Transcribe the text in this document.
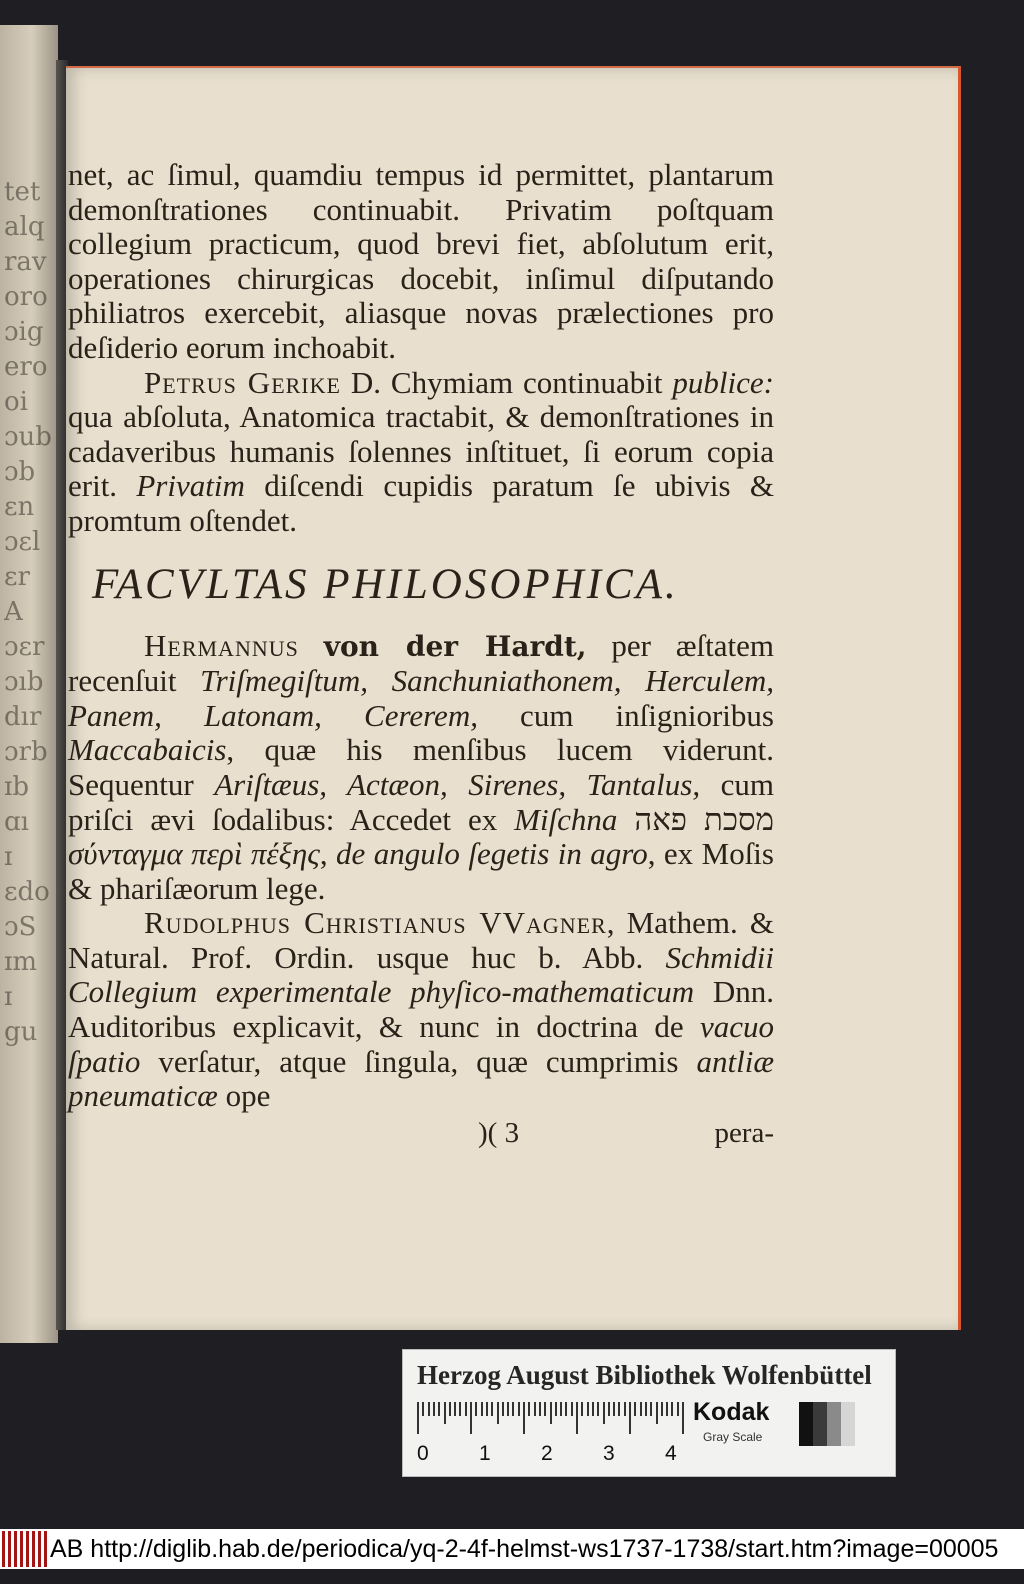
tet
alq
rav
oro
ɔig
ero
oi
ɔub
ɔb
ɛn
ɔɛl
ɛr
A
ɔɛr
ɔıb
dır
ɔrb
ɪb
ɑı
ɪ
ɛdo
ɔS
ɪm
ɪ
gu

net, ac ſimul, quamdiu tempus id permittet, plantarum demonſtrationes continuabit. Privatim poſtquam collegium practicum, quod brevi fiet, abſolutum erit, operationes chirurgicas docebit, inſimul diſputando philiatros exercebit, aliasque novas prælectiones pro deſiderio eorum inchoabit.

Petrus Gerike D. Chymiam continuabit publice: qua abſoluta, Anatomica tractabit, & demonſtrationes in cadaveribus humanis ſolennes inſtituet, ſi eorum copia erit. Privatim diſcendi cupidis paratum ſe ubivis & promtum oſtendet.

FACVLTAS PHILOSOPHICA.

Hermannus von der Hardt, per æſtatem recenſuit Triſmegiſtum, Sanchuniathonem, Herculem, Panem, Latonam, Cererem, cum inſignioribus Maccabaicis, quæ his menſibus lucem viderunt. Sequentur Ariſtæus, Actæon, Sirenes, Tantalus, cum priſci ævi ſodalibus: Accedet ex Miſchna מסכת פאה σύνταγμα περὶ πέξης, de angulo ſegetis in agro, ex Moſis & phariſæorum lege.

Rudolphus Christianus VVagner, Mathem. & Natural. Prof. Ordin. usque huc b. Abb. Schmidii Collegium experimentale phyſico-mathematicum Dnn. Auditoribus explicavit, & nunc in doctrina de vacuo ſpatio verſatur, atque ſingula, quæ cumprimis antliæ pneumaticæ ope

)( 3	pera-
Herzog August Bibliothek Wolfenbüttel
0 1 2 3 4
Kodak
Gray Scale
AB http://diglib.hab.de/periodica/yq-2-4f-helmst-ws1737-1738/start.htm?image=00005
